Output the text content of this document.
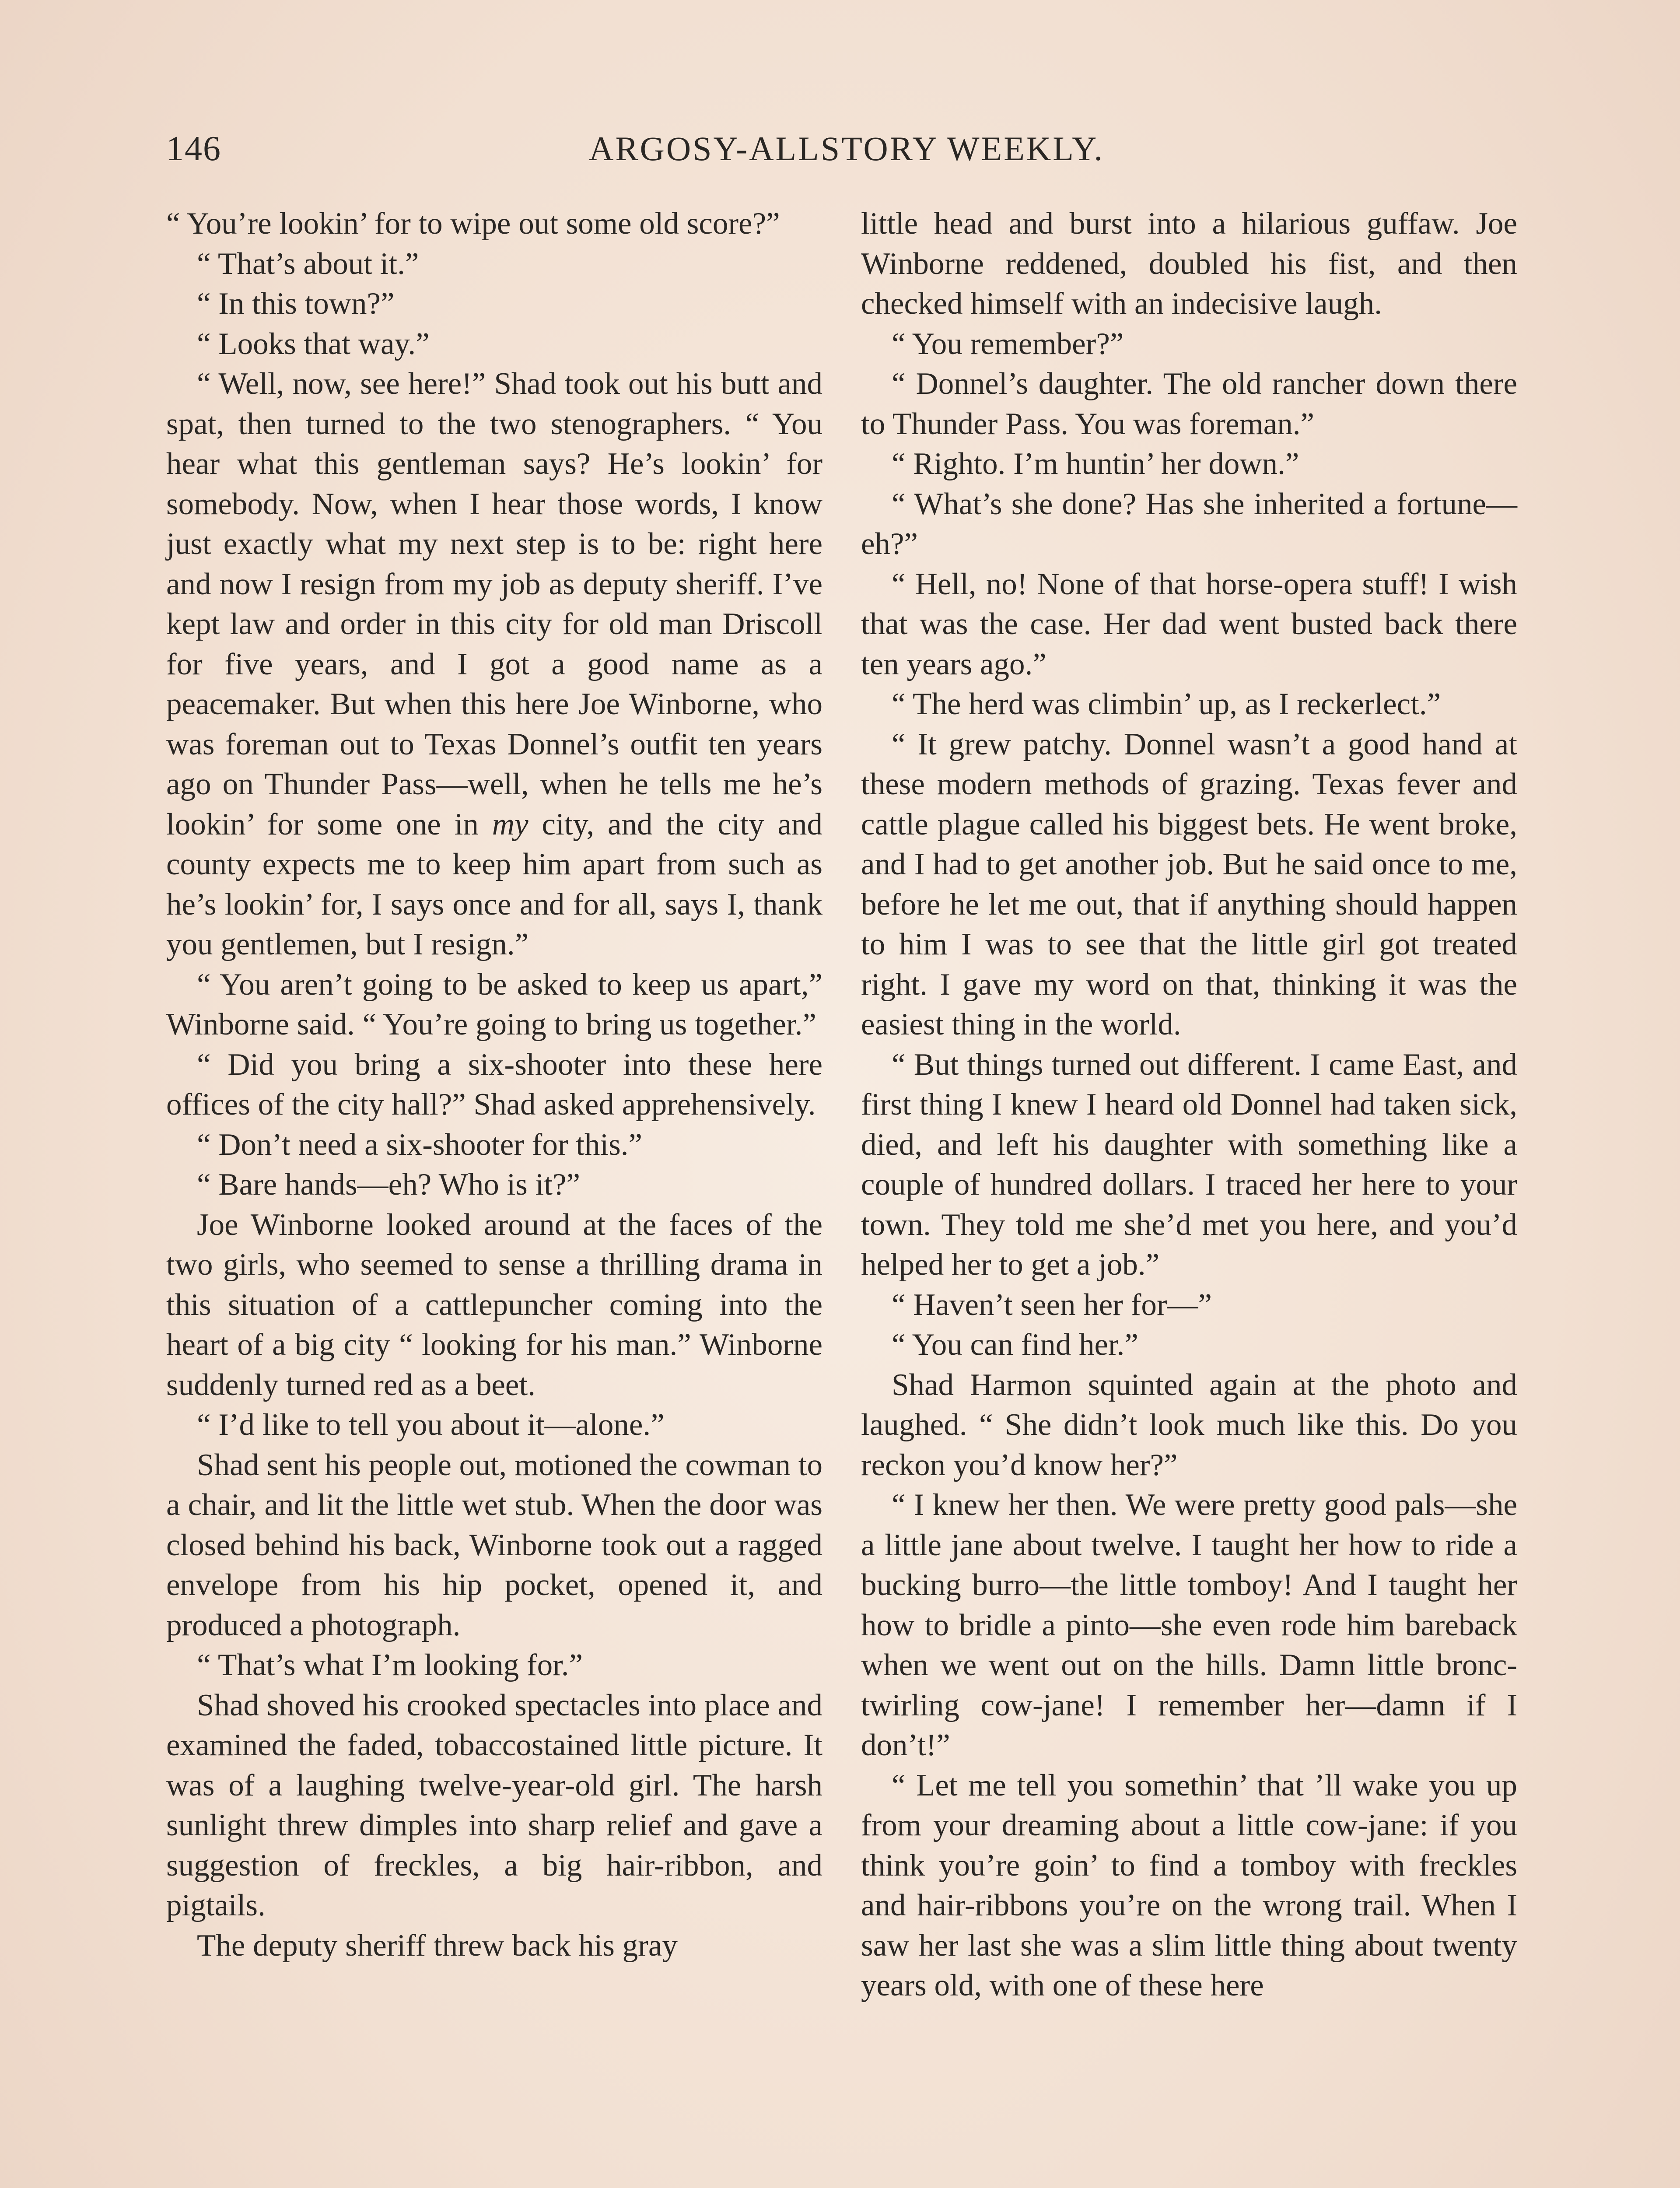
146	ARGOSY-ALLSTORY WEEKLY.

“ You’re lookin’ for to wipe out some old score?”

“ That’s about it.”

“ In this town?”

“ Looks that way.”

“ Well, now, see here!” Shad took out his butt and spat, then turned to the two stenographers. “ You hear what this gentleman says? He’s lookin’ for somebody. Now, when I hear those words, I know just exactly what my next step is to be: right here and now I resign from my job as deputy sheriff. I’ve kept law and order in this city for old man Driscoll for five years, and I got a good name as a peacemaker. But when this here Joe Winborne, who was foreman out to Texas Donnel’s outfit ten years ago on Thunder Pass—well, when he tells me he’s lookin’ for some one in my city, and the city and county expects me to keep him apart from such as he’s lookin’ for, I says once and for all, says I, thank you gentlemen, but I resign.”

“ You aren’t going to be asked to keep us apart,” Winborne said. “ You’re going to bring us together.”

“ Did you bring a six-shooter into these here offices of the city hall?” Shad asked apprehensively.

“ Don’t need a six-shooter for this.”

“ Bare hands—eh? Who is it?”

Joe Winborne looked around at the faces of the two girls, who seemed to sense a thrilling drama in this situation of a cattlepuncher coming into the heart of a big city “ looking for his man.” Winborne suddenly turned red as a beet.

“ I’d like to tell you about it—alone.”

Shad sent his people out, motioned the cowman to a chair, and lit the little wet stub. When the door was closed behind his back, Winborne took out a ragged envelope from his hip pocket, opened it, and produced a photograph.

“ That’s what I’m looking for.”

Shad shoved his crooked spectacles into place and examined the faded, tobaccostained little picture. It was of a laughing twelve-year-old girl. The harsh sunlight threw dimples into sharp relief and gave a suggestion of freckles, a big hair-ribbon, and pigtails.

The deputy sheriff threw back his gray

little head and burst into a hilarious guffaw. Joe Winborne reddened, doubled his fist, and then checked himself with an indecisive laugh.

“ You remember?”

“ Donnel’s daughter. The old rancher down there to Thunder Pass. You was foreman.”

“ Righto. I’m huntin’ her down.”

“ What’s she done? Has she inherited a fortune—eh?”

“ Hell, no! None of that horse-opera stuff! I wish that was the case. Her dad went busted back there ten years ago.”

“ The herd was climbin’ up, as I reckerlect.”

“ It grew patchy. Donnel wasn’t a good hand at these modern methods of grazing. Texas fever and cattle plague called his biggest bets. He went broke, and I had to get another job. But he said once to me, before he let me out, that if anything should happen to him I was to see that the little girl got treated right. I gave my word on that, thinking it was the easiest thing in the world.

“ But things turned out different. I came East, and first thing I knew I heard old Donnel had taken sick, died, and left his daughter with something like a couple of hundred dollars. I traced her here to your town. They told me she’d met you here, and you’d helped her to get a job.”

“ Haven’t seen her for—”

“ You can find her.”

Shad Harmon squinted again at the photo and laughed. “ She didn’t look much like this. Do you reckon you’d know her?”

“ I knew her then. We were pretty good pals—she a little jane about twelve. I taught her how to ride a bucking burro—the little tomboy! And I taught her how to bridle a pinto—she even rode him bareback when we went out on the hills. Damn little bronc-twirling cow-jane! I remember her—damn if I don’t!”

“ Let me tell you somethin’ that ’ll wake you up from your dreaming about a little cow-jane: if you think you’re goin’ to find a tomboy with freckles and hair-ribbons you’re on the wrong trail. When I saw her last she was a slim little thing about twenty years old, with one of these here
